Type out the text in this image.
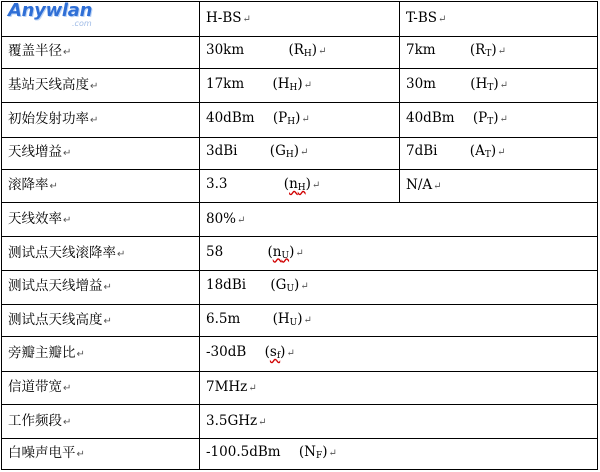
Anywlan
.com	H-BS↵	T-BS↵
覆盖半径↵	30km $(R_H)↵$	7km $(R_T)↵$
基站天线高度↵	17km $(H_H)↵$	30m $(H_T)↵$
初始发射功率↵	40dBm $(P_H)↵$	40dBm $(P_T)↵$
天线增益↵	3dBi $(G_H)↵$	7dBi $(A_T)↵$
滚降率↵	3.3 $(n_H)↵$	N/A↵
天线效率↵	80%↵	
测试点天线滚降率↵	58 $(n_U)↵$	
测试点天线增益↵	18dBi $(G_U)↵$	
测试点天线高度↵	6.5m $(H_U)↵$	
旁瓣主瓣比↵	-30dB $(s_f)↵$	
信道带宽↵	7MHz↵	
工作频段↵	3.5GHz↵	
白噪声电平↵	-100.5dBm $(N_F)↵$	
